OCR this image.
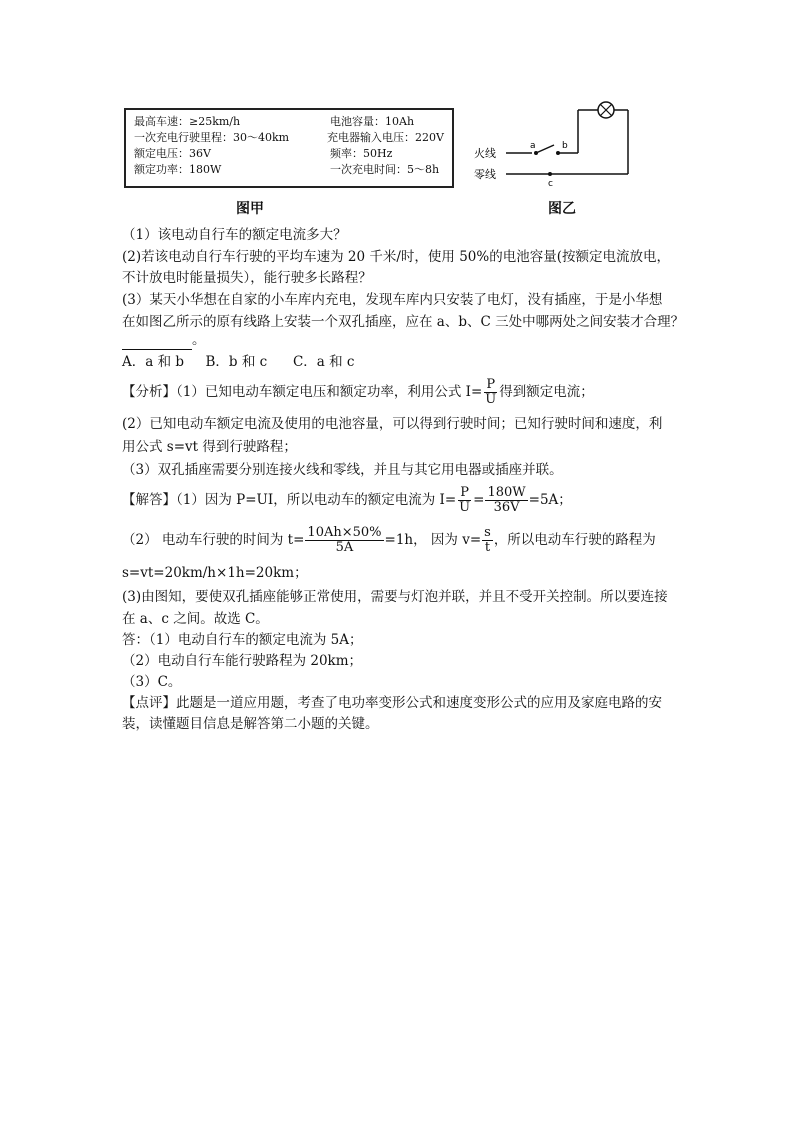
最高车速：≥25km/h	电池容量：10Ah
一次充电行驶里程：30～40km	充电器输入电压：220V
额定电压：36V	频率：50Hz
额定功率：180W	一次充电时间：5～8h
图甲
火线
零线
a	b
c
图乙
（1）该电动自行车的额定电流多大？
(2)若该电动自行车行驶的平均车速为 20 千米/时，使用 50%的电池容量(按额定电流放电，
不计放电时能量损失），能行驶多长路程？
(3）某天小华想在自家的小车库内充电，发现车库内只安装了电灯，没有插座，于是小华想
在如图乙所示的原有线路上安装一个双孔插座，应在 a、b、C 三处中哪两处之间安装才合理？
。
A．a 和 b B．b 和 c C．a 和 c
【分析】（1）已知电动车额定电压和额定功率，利用公式 $I= \frac{P}{U}$ 得到额定电流；
(2）已知电动车额定电流及使用的电池容量，可以得到行驶时间；已知行驶时间和速度，利
用公式 s=vt 得到行驶路程；
（3）双孔插座需要分别连接火线和零线，并且与其它用电器或插座并联。
【解答】（1）因为 P=UI，所以电动车的额定电流为 $I= \frac{P}{U} = \frac{180W}{36V} =5A$；
（2） 电动车行驶的时间为 $t= \frac{10Ah\times 50\%}{5A} =1h$， 因为 $v= \frac{s}{t}$ ，所以电动车行驶的路程为
s=vt=20km/h×1h=20km；
(3)由图知，要使双孔插座能够正常使用，需要与灯泡并联，并且不受开关控制。所以要连接
在 a、c 之间。故选 C。
答：（1）电动自行车的额定电流为 5A；
（2）电动自行车能行驶路程为 20km；
（3）C。
【点评】此题是一道应用题，考查了电功率变形公式和速度变形公式的应用及家庭电路的安
装，读懂题目信息是解答第二小题的关键。
